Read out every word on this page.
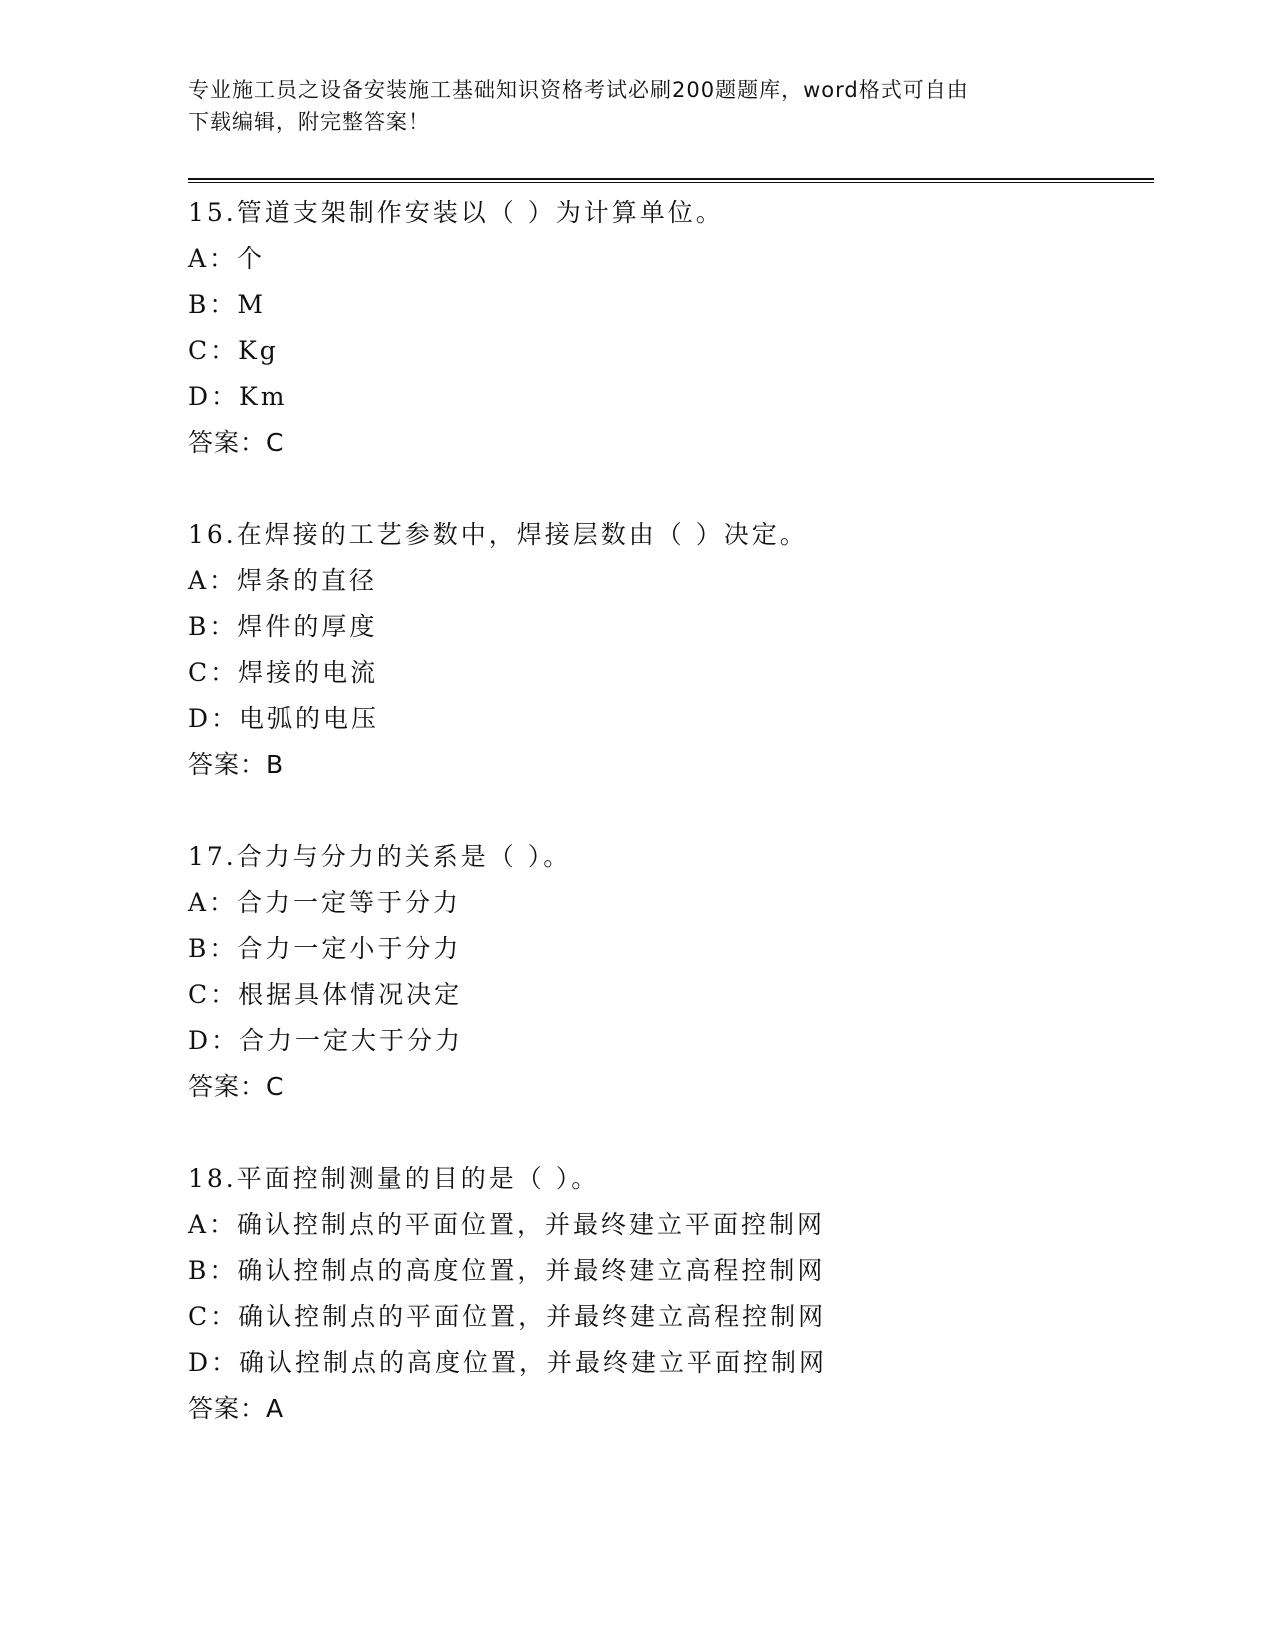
专业施工员之设备安装施工基础知识资格考试必刷200题题库，word格式可自由
下载编辑，附完整答案！
15.管道支架制作安装以（ ）为计算单位。
A：个
B：M
C：Kg
D：Km
答案：C
16.在焊接的工艺参数中，焊接层数由（ ）决定。
A：焊条的直径
B：焊件的厚度
C：焊接的电流
D：电弧的电压
答案：B
17.合力与分力的关系是（ ）。
A：合力一定等于分力
B：合力一定小于分力
C：根据具体情况决定
D：合力一定大于分力
答案：C
18.平面控制测量的目的是（ ）。
A：确认控制点的平面位置，并最终建立平面控制网
B：确认控制点的高度位置，并最终建立高程控制网
C：确认控制点的平面位置，并最终建立高程控制网
D：确认控制点的高度位置，并最终建立平面控制网
答案：A
